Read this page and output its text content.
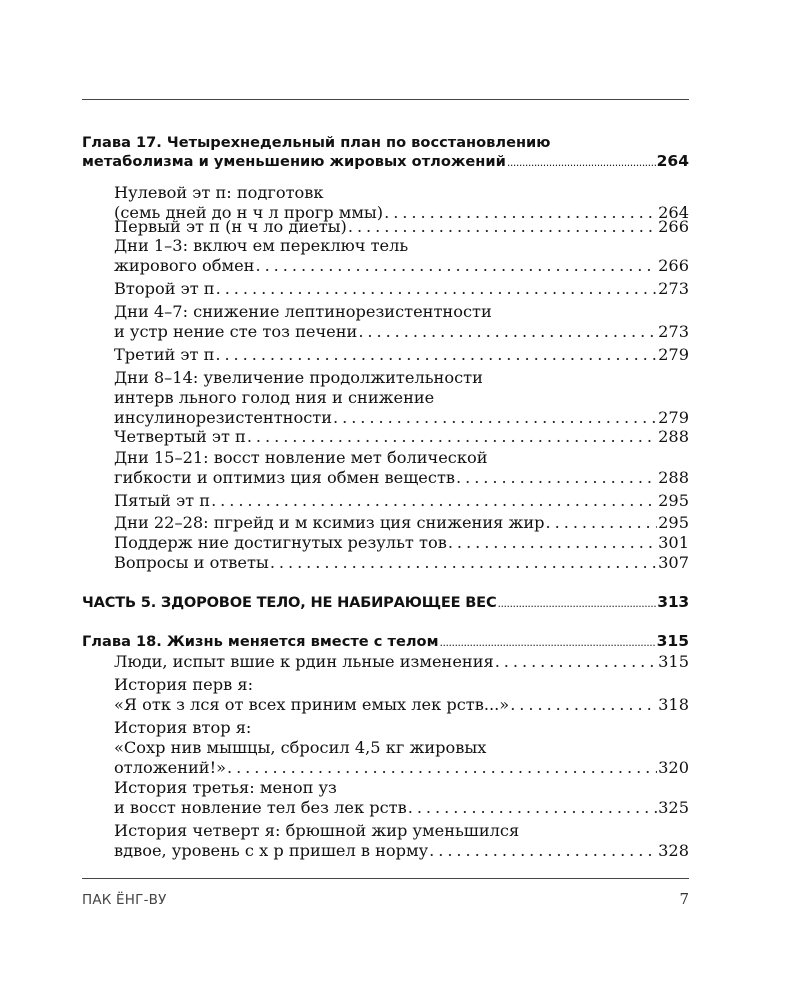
Глава 17. Четырехнедельный план по восстановлению
метаболизма и уменьшению жировых отложений .....	264
Нулевой эт п: подготовк
(семь дней до н ч л прогр ммы) . . .	264
Первый эт п (н ч ло диеты) . . .	266
Дни 1–3: включ ем переключ тель
жирового обмен . . .	266
Второй эт п . . .	273
Дни 4–7: снижение лептинорезистентности
и устр нение сте тоз печени . . .	273
Третий эт п . . .	279
Дни 8–14: увеличение продолжительности
интерв льного голод ния и снижение
инсулинорезистентности . . .	279
Четвертый эт п . . .	288
Дни 15–21: восст новление мет болической
гибкости и оптимиз ция обмен веществ . . .	288
Пятый эт п . . .	295
Дни 22–28: пгрейд и м ксимиз ция снижения жир . . .	295
Поддерж ние достигнутых результ тов . . .	301
Вопросы и ответы . . .	307
ЧАСТЬ 5. ЗДОРОВОЕ ТЕЛО, НЕ НАБИРАЮЩЕЕ ВЕС .....	313
Глава 18. Жизнь меняется вместе с телом .....	315
Люди, испыт вшие к рдин льные изменения . . .	315
История перв я:
«Я отк з лся от всех приним емых лек рств...» . . .	318
История втор я:
«Сохр нив мышцы, сбросил 4,5 кг жировых
отложений!» . . .	320
История третья: меноп уз
и восст новление тел без лек рств . . .	325
История четверт я: брюшной жир уменьшился
вдвое, уровень с х р пришел в норму . . .	328
ПАК ЁНГ-ВУ	7
